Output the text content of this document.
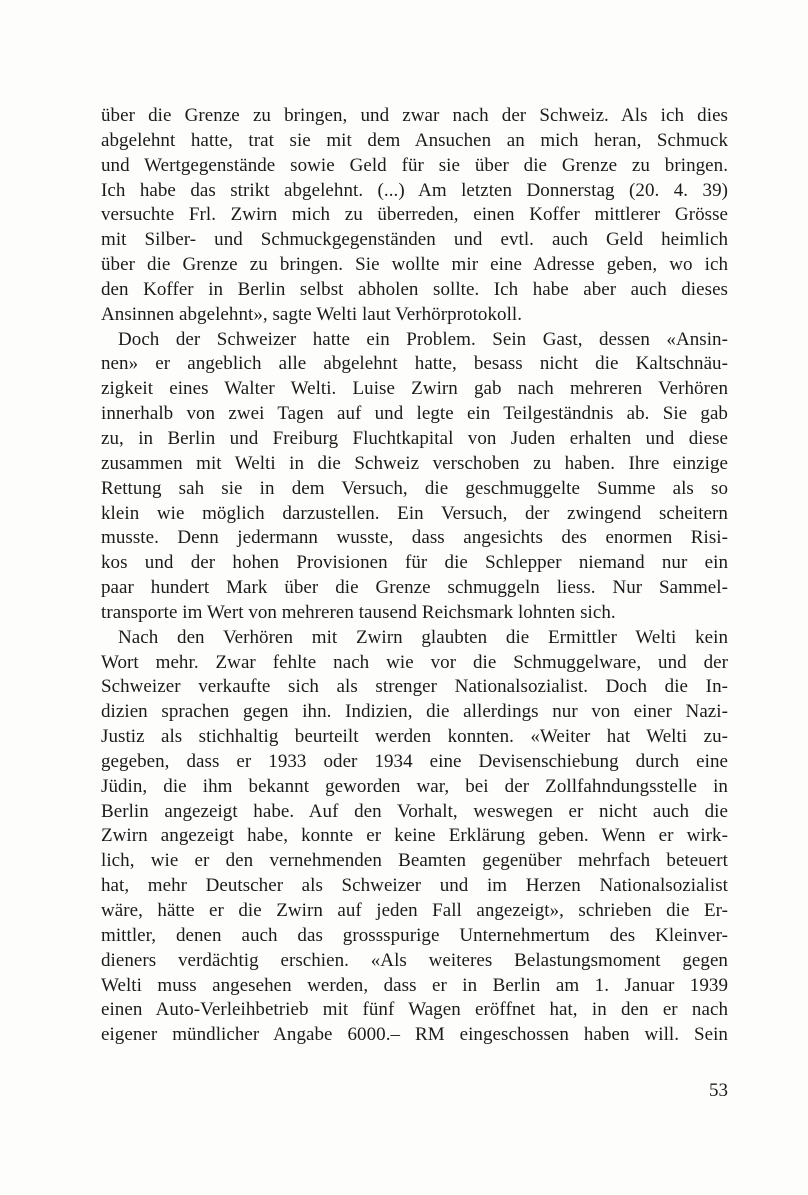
über die Grenze zu bringen, und zwar nach der Schweiz. Als ich dies
abgelehnt hatte, trat sie mit dem Ansuchen an mich heran, Schmuck
und Wertgegenstände sowie Geld für sie über die Grenze zu bringen.
Ich habe das strikt abgelehnt. (...) Am letzten Donnerstag (20. 4. 39)
versuchte Frl. Zwirn mich zu überreden, einen Koffer mittlerer Grösse
mit Silber- und Schmuckgegenständen und evtl. auch Geld heimlich
über die Grenze zu bringen. Sie wollte mir eine Adresse geben, wo ich
den Koffer in Berlin selbst abholen sollte. Ich habe aber auch dieses
Ansinnen abgelehnt», sagte Welti laut Verhörprotokoll.
Doch der Schweizer hatte ein Problem. Sein Gast, dessen «Ansin-
nen» er angeblich alle abgelehnt hatte, besass nicht die Kaltschnäu-
zigkeit eines Walter Welti. Luise Zwirn gab nach mehreren Verhören
innerhalb von zwei Tagen auf und legte ein Teilgeständnis ab. Sie gab
zu, in Berlin und Freiburg Fluchtkapital von Juden erhalten und diese
zusammen mit Welti in die Schweiz verschoben zu haben. Ihre einzige
Rettung sah sie in dem Versuch, die geschmuggelte Summe als so
klein wie möglich darzustellen. Ein Versuch, der zwingend scheitern
musste. Denn jedermann wusste, dass angesichts des enormen Risi-
kos und der hohen Provisionen für die Schlepper niemand nur ein
paar hundert Mark über die Grenze schmuggeln liess. Nur Sammel-
transporte im Wert von mehreren tausend Reichsmark lohnten sich.
Nach den Verhören mit Zwirn glaubten die Ermittler Welti kein
Wort mehr. Zwar fehlte nach wie vor die Schmuggelware, und der
Schweizer verkaufte sich als strenger Nationalsozialist. Doch die In-
dizien sprachen gegen ihn. Indizien, die allerdings nur von einer Nazi-
Justiz als stichhaltig beurteilt werden konnten. «Weiter hat Welti zu-
gegeben, dass er 1933 oder 1934 eine Devisenschiebung durch eine
Jüdin, die ihm bekannt geworden war, bei der Zollfahndungsstelle in
Berlin angezeigt habe. Auf den Vorhalt, weswegen er nicht auch die
Zwirn angezeigt habe, konnte er keine Erklärung geben. Wenn er wirk-
lich, wie er den vernehmenden Beamten gegenüber mehrfach beteuert
hat, mehr Deutscher als Schweizer und im Herzen Nationalsozialist
wäre, hätte er die Zwirn auf jeden Fall angezeigt», schrieben die Er-
mittler, denen auch das grossspurige Unternehmertum des Kleinver-
dieners verdächtig erschien. «Als weiteres Belastungsmoment gegen
Welti muss angesehen werden, dass er in Berlin am 1. Januar 1939
einen Auto-Verleihbetrieb mit fünf Wagen eröffnet hat, in den er nach
eigener mündlicher Angabe 6000.– RM eingeschossen haben will. Sein
53
